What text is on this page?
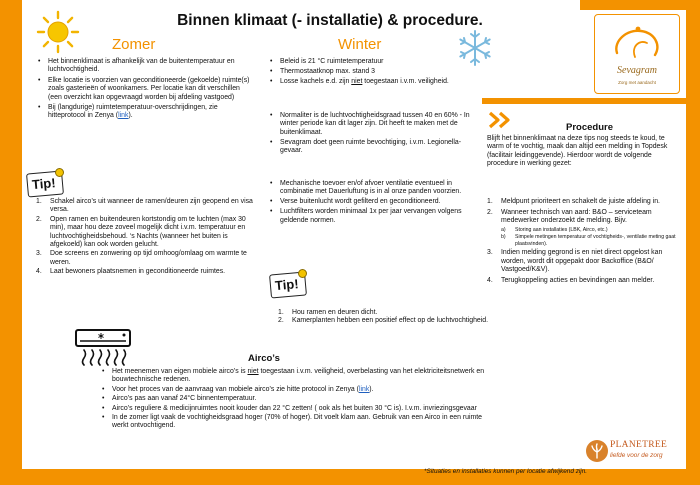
Binnen klimaat (- installatie) & procedure.
Zomer	Winter
Sevagram
Zorg met aandacht
• Het binnenklimaat is afhankelijk van de buitentemperatuur en luchtvochtigheid.
• Elke locatie is voorzien van geconditioneerde (gekoelde) ruimte(s) zoals gasterieën of woonkamers. Per locatie kan dit verschillen (een overzicht kan opgevraagd worden bij afdeling vastgoed)
• Bij (langdurige) ruimtetemperatuur-overschrijdingen, zie hitteprotocol in Zenya (link).
Tip!
1. Schakel airco’s uit wanneer de ramen/deuren zijn geopend en visa versa.
2. Open ramen en buitendeuren kortstondig om te luchten (max 30 min), maar hou deze zoveel mogelijk dicht i.v.m. temperatuur en luchtvochtigheidsbehoud. ‘s Nachts (wanneer het buiten is afgekoeld) kan ook worden gelucht.
3. Doe screens en zonwering op tijd omhoog/omlaag om warmte te weren.
4. Laat bewoners plaatsnemen in geconditioneerde ruimtes.
• Beleid is 21 °C ruimtetemperatuur
• Thermostaatknop max. stand 3
• Losse kachels e.d. zijn niet toegestaan i.v.m. veiligheid.
• Normaliter is de luchtvochtigheidsgraad tussen 40 en 60% - In winter periode kan dit lager zijn. Dit heeft te maken met de buitenklimaat.
• Sevagram doet geen ruimte bevochtiging, i.v.m. Legionella-gevaar.
• Mechanische toevoer en/of afvoer ventilatie eventueel in combinatie met Dauerluftung is in al onze panden voorzien.
• Verse buitenlucht wordt gefilterd en geconditioneerd.
• Luchtfilters worden minimaal 1x per jaar vervangen volgens geldende normen.
Tip!
1. Hou ramen en deuren dicht.
2. Kamerplanten hebben een positief effect op de luchtvochtigheid.
Procedure
Blijft het binnenklimaat na deze tips nog steeds te koud, te warm of te vochtig, maak dan altijd een melding in Topdesk (facilitair leidinggevende). Hierdoor wordt de volgende procedure in werking gezet:
1. Meldpunt prioriteert en schakelt de juiste afdeling in.
2. Wanneer technisch van aard: B&O – serviceteam medewerker onderzoekt de melding. Bijv.
a) Storing aan installaties (LBK, Airco, etc.)
b) Simpele metingen temperatuur of vochtigheids-, ventilatie meting gaat plaatsvinden).
3. Indien melding gegrond is en niet direct opgelost kan worden, wordt dit opgepakt door Backoffice (B&O/ Vastgoed/K&V).
4. Terugkoppeling acties en bevindingen aan melder.
Airco’s
• Het meenemen van eigen mobiele airco’s is niet toegestaan i.v.m. veiligheid, overbelasting van het elektriciteitsnetwerk en bouwtechnische redenen.
• Voor het proces van de aanvraag van mobiele airco’s zie hitte protocol in Zenya (link).
• Airco’s pas aan vanaf 24°C binnentemperatuur.
• Airco’s reguliere & medicijnruimtes nooit kouder dan 22 °C zetten! ( ook als het buiten 30 °C is). I.v.m. invriezingsgevaar
• In de zomer ligt vaak de vochtigheidsgraad hoger (70% of hoger). Dit voelt klam aan. Gebruik van een Airco in een ruimte werkt ontvochtigend.
*Situaties en installaties kunnen per locatie afwijkend zijn.
PLANETREE
liefde voor de zorg
